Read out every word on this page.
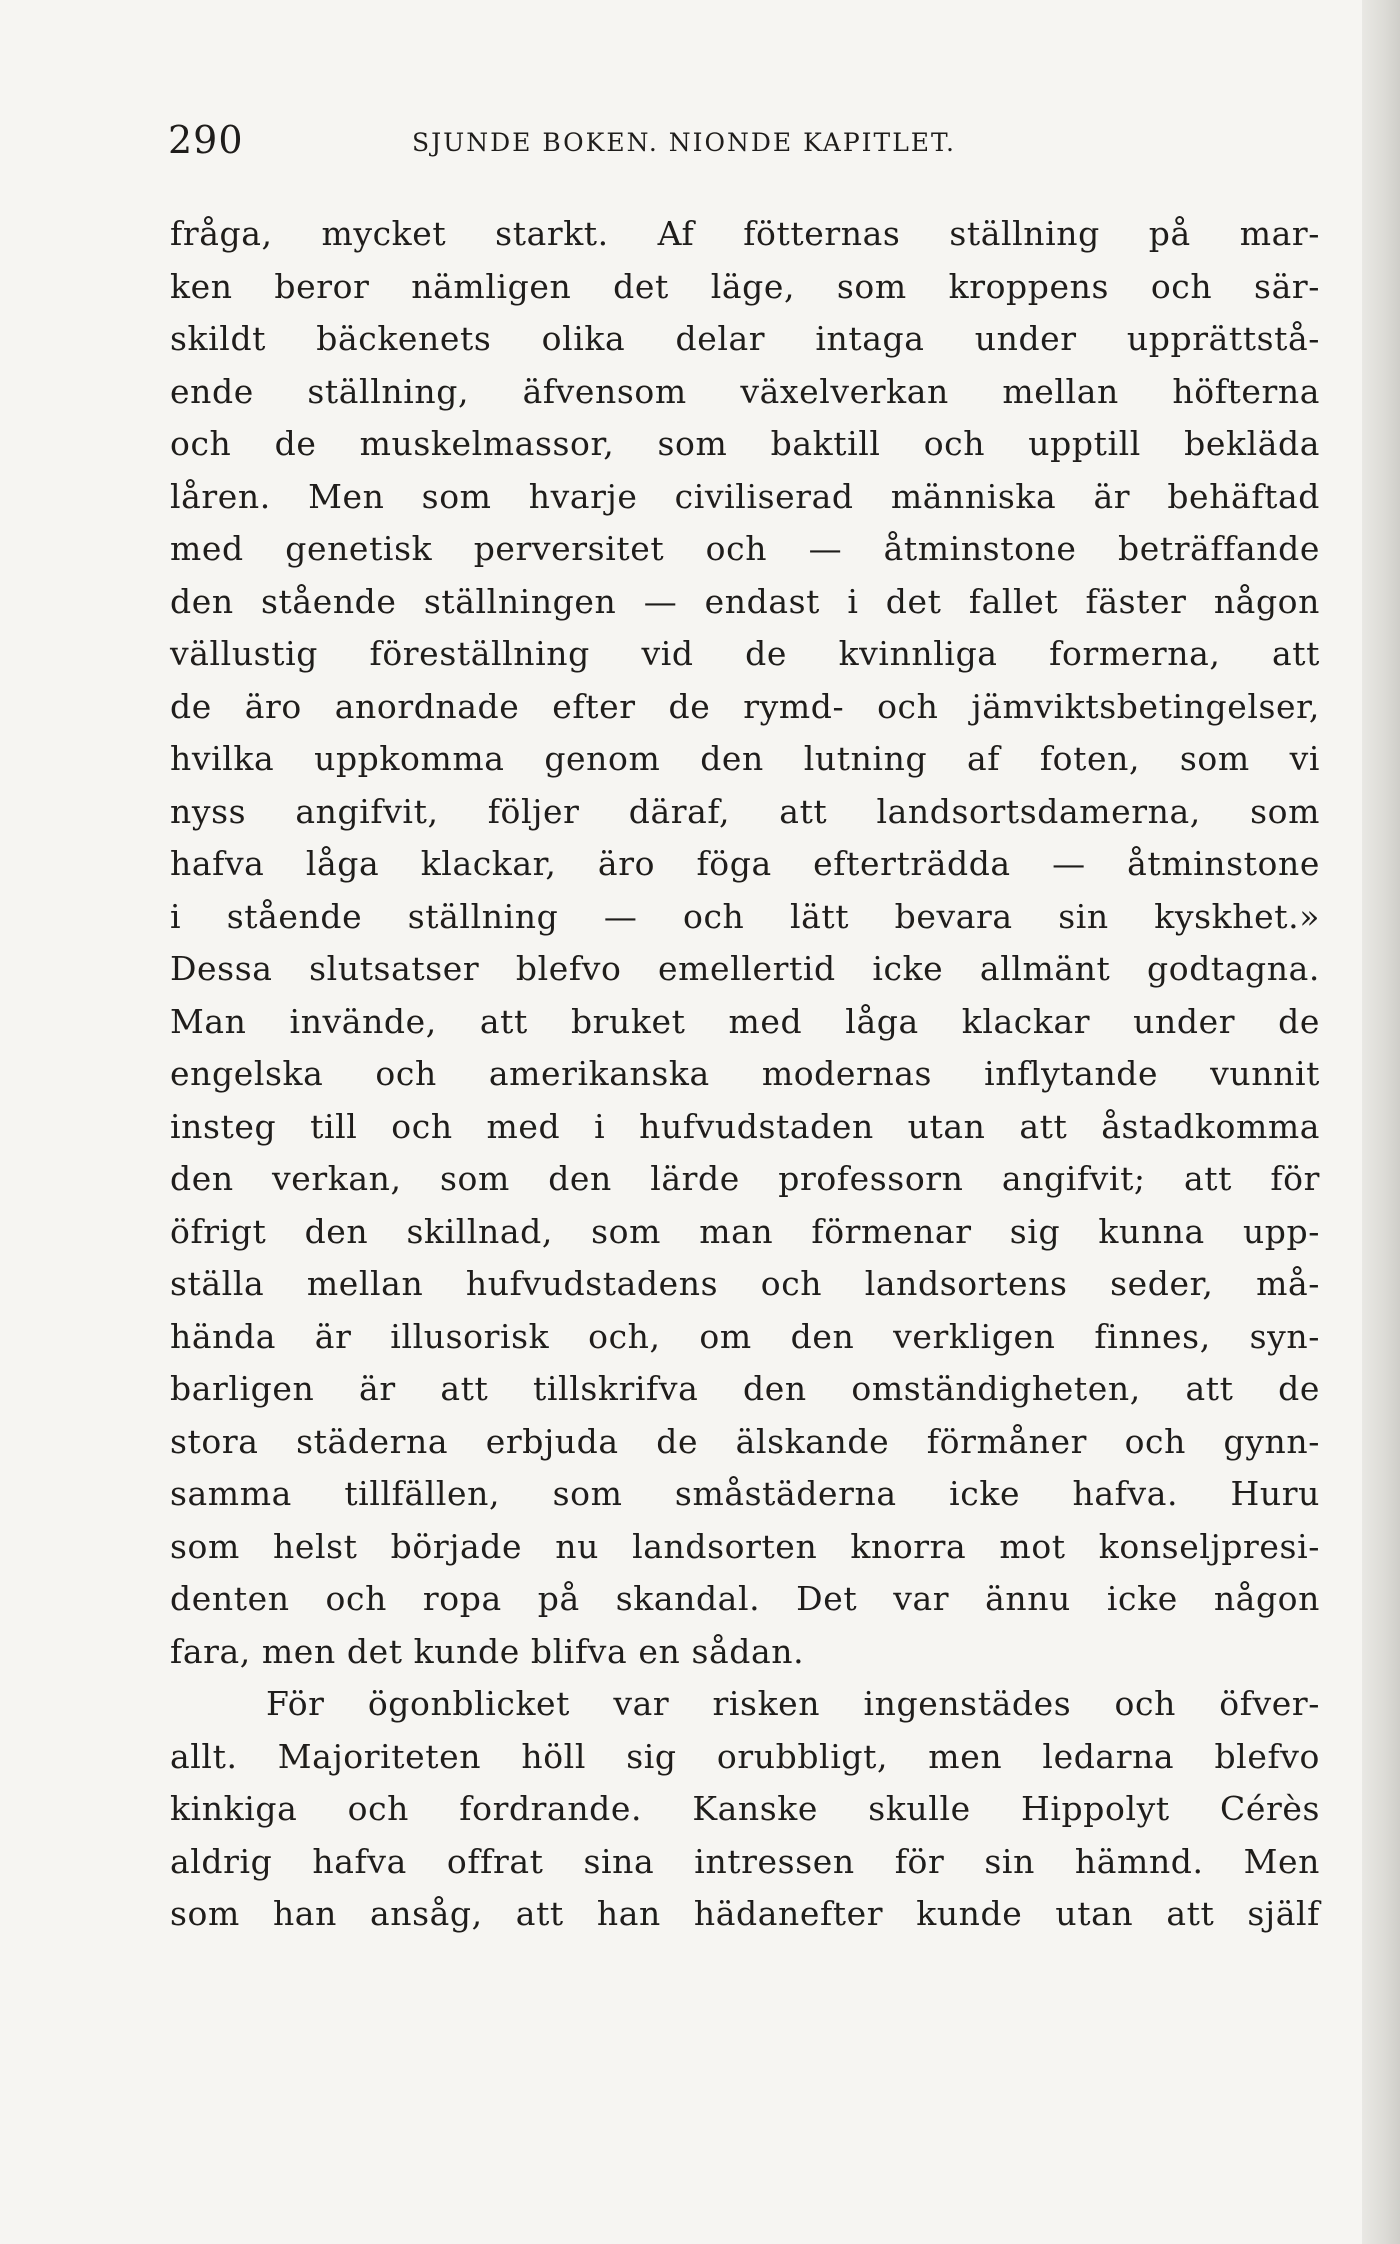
290	SJUNDE BOKEN. NIONDE KAPITLET.
fråga, mycket starkt. Af fötternas ställning på mar-
ken beror nämligen det läge, som kroppens och sär-
skildt bäckenets olika delar intaga under upprättstå-
ende ställning, äfvensom växelverkan mellan höfterna
och de muskelmassor, som baktill och upptill bekläda
låren. Men som hvarje civiliserad människa är behäftad
med genetisk perversitet och — åtminstone beträffande
den stående ställningen — endast i det fallet fäster någon
vällustig föreställning vid de kvinnliga formerna, att
de äro anordnade efter de rymd- och jämviktsbetingelser,
hvilka uppkomma genom den lutning af foten, som vi
nyss angifvit, följer däraf, att landsortsdamerna, som
hafva låga klackar, äro föga efterträdda — åtminstone
i stående ställning — och lätt bevara sin kyskhet.»
Dessa slutsatser blefvo emellertid icke allmänt godtagna.
Man invände, att bruket med låga klackar under de
engelska och amerikanska modernas inflytande vunnit
insteg till och med i hufvudstaden utan att åstadkomma
den verkan, som den lärde professorn angifvit; att för
öfrigt den skillnad, som man förmenar sig kunna upp-
ställa mellan hufvudstadens och landsortens seder, må-
hända är illusorisk och, om den verkligen finnes, syn-
barligen är att tillskrifva den omständigheten, att de
stora städerna erbjuda de älskande förmåner och gynn-
samma tillfällen, som småstäderna icke hafva. Huru
som helst började nu landsorten knorra mot konseljpresi-
denten och ropa på skandal. Det var ännu icke någon
fara, men det kunde blifva en sådan.
För ögonblicket var risken ingenstädes och öfver-
allt. Majoriteten höll sig orubbligt, men ledarna blefvo
kinkiga och fordrande. Kanske skulle Hippolyt Cérès
aldrig hafva offrat sina intressen för sin hämnd. Men
som han ansåg, att han hädanefter kunde utan att själf
